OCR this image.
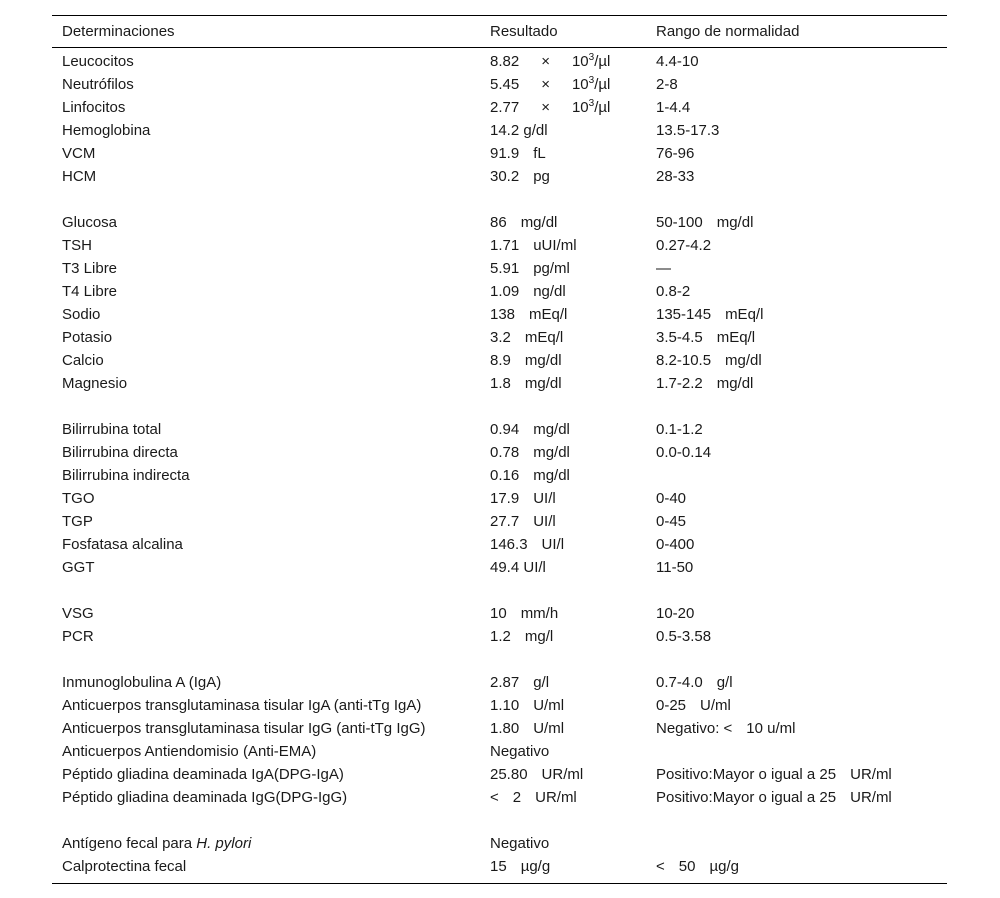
Determinaciones	Resultado	Rango de normalidad
Leucocitos	$8.82 \times 10^3/\mu l$	4.4-10
Neutrófilos	$5.45 \times 10^3/\mu l$	2-8
Linfocitos	$2.77 \times 10^3/\mu l$	1-4.4
Hemoglobina	14.2 g/dl	13.5-17.3
VCM	91.9 fL	76-96
HCM	30.2 pg	28-33
Glucosa	86 mg/dl	50-100 mg/dl
TSH	1.71 uUI/ml	0.27-4.2
T3 Libre	5.91 pg/ml	—
T4 Libre	1.09 ng/dl	0.8-2
Sodio	138 mEq/l	135-145 mEq/l
Potasio	3.2 mEq/l	3.5-4.5 mEq/l
Calcio	8.9 mg/dl	8.2-10.5 mg/dl
Magnesio	1.8 mg/dl	1.7-2.2 mg/dl
Bilirrubina total	0.94 mg/dl	0.1-1.2
Bilirrubina directa	0.78 mg/dl	0.0-0.14
Bilirrubina indirecta	0.16 mg/dl
TGO	17.9 UI/l	0-40
TGP	27.7 UI/l	0-45
Fosfatasa alcalina	146.3 UI/l	0-400
GGT	49.4 UI/l	11-50
VSG	10 mm/h	10-20
PCR	1.2 mg/l	0.5-3.58
Inmunoglobulina A (IgA)	2.87 g/l	0.7-4.0 g/l
Anticuerpos transglutaminasa tisular IgA (anti-tTg IgA)	1.10 U/ml	0-25 U/ml
Anticuerpos transglutaminasa tisular IgG (anti-tTg IgG)	1.80 U/ml	Negativo: < 10 u/ml
Anticuerpos Antiendomisio (Anti-EMA)	Negativo
Péptido gliadina deaminada IgA(DPG-IgA)	25.80 UR/ml	Positivo:Mayor o igual a 25 UR/ml
Péptido gliadina deaminada IgG(DPG-IgG)	< 2 UR/ml	Positivo:Mayor o igual a 25 UR/ml
Antígeno fecal para H. pylori	Negativo
Calprotectina fecal	15 µg/g	< 50 µg/g
